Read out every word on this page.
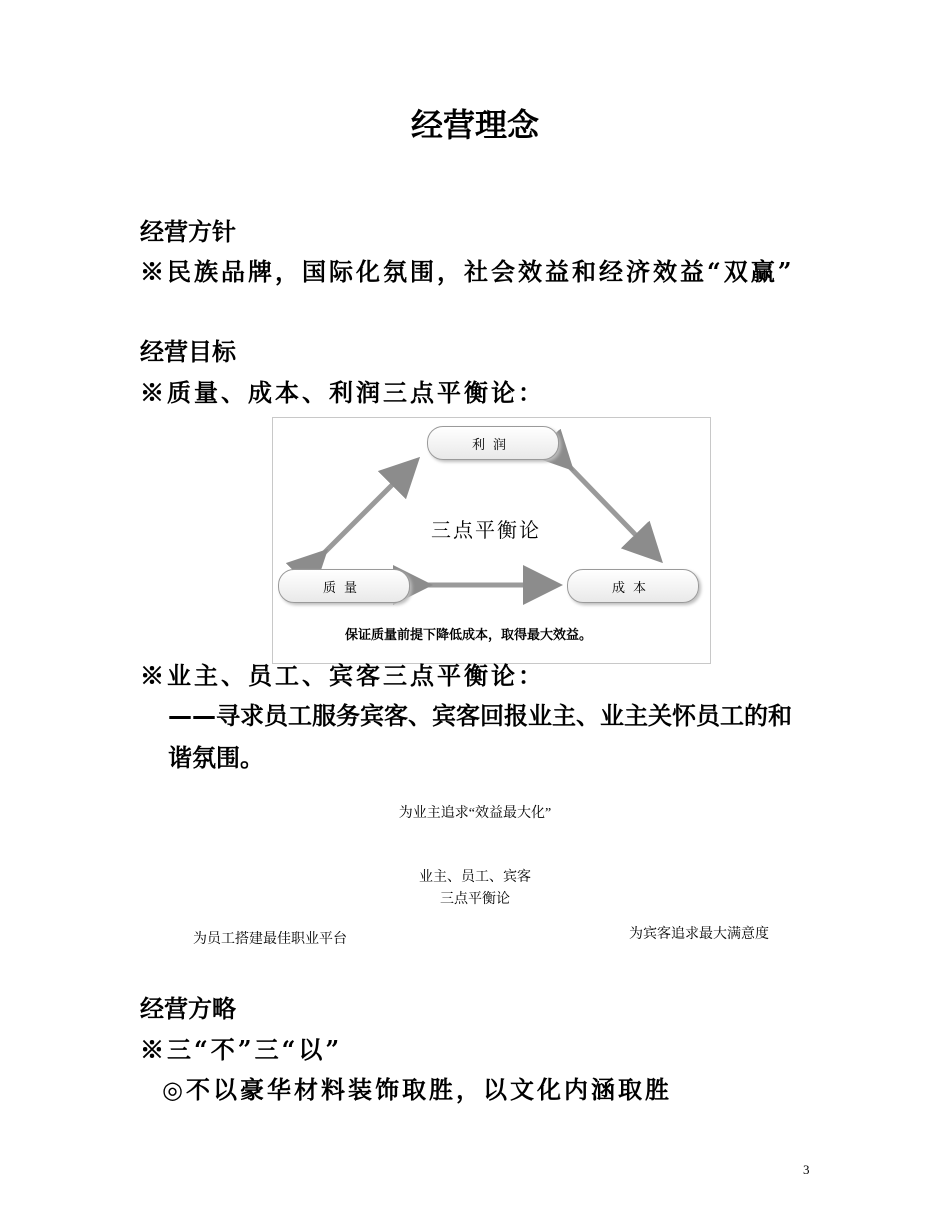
经营理念
经营方针
※民族品牌，国际化氛围，社会效益和经济效益“双赢”
经营目标
※质量、成本、利润三点平衡论：
利润
质量	成本
三点平衡论
保证质量前提下降低成本，取得最大效益。
※业主、员工、宾客三点平衡论：
——寻求员工服务宾客、宾客回报业主、业主关怀员工的和
谐氛围。
为业主追求“效益最大化”
业主、员工、宾客
三点平衡论
为员工搭建最佳职业平台	为宾客追求最大满意度
经营方略
※三“不”三“以”
◎不以豪华材料装饰取胜，以文化内涵取胜
3
